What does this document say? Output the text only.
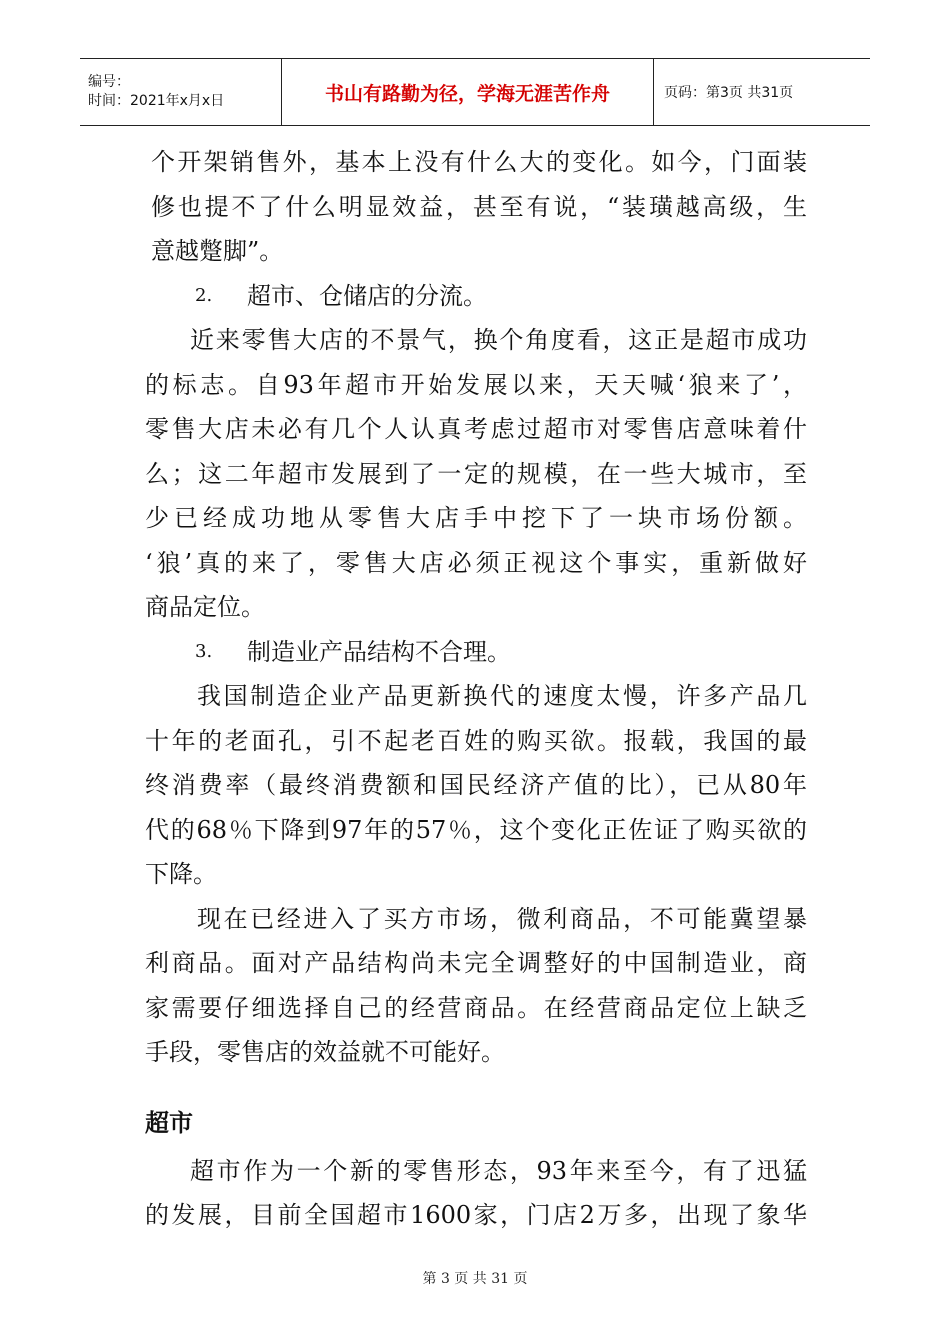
编号：
时间：2021年x月x日	书山有路勤为径，学海无涯苦作舟	页码：第3页 共31页
个开架销售外，基本上没有什么大的变化。如今，门面装
修也提不了什么明显效益，甚至有说，“装璜越高级，生
意越蹩脚”。
2.	超市、仓储店的分流。
近来零售大店的不景气，换个角度看，这正是超市成功
的标志。自93年超市开始发展以来，天天喊‘狼来了’，
零售大店未必有几个人认真考虑过超市对零售店意味着什
么；这二年超市发展到了一定的规模，在一些大城市，至
少已经成功地从零售大店手中挖下了一块市场份额。
‘狼’真的来了，零售大店必须正视这个事实，重新做好
商品定位。
3.	制造业产品结构不合理。
我国制造企业产品更新换代的速度太慢，许多产品几
十年的老面孔，引不起老百姓的购买欲。报载，我国的最
终消费率（最终消费额和国民经济产值的比），已从80年
代的68％下降到97年的57％，这个变化正佐证了购买欲的
下降。
现在已经进入了买方市场，微利商品，不可能冀望暴
利商品。面对产品结构尚未完全调整好的中国制造业，商
家需要仔细选择自己的经营商品。在经营商品定位上缺乏
手段，零售店的效益就不可能好。
超市
超市作为一个新的零售形态，93年来至今，有了迅猛
的发展，目前全国超市1600家，门店2万多，出现了象华
第 3 页 共 31 页
